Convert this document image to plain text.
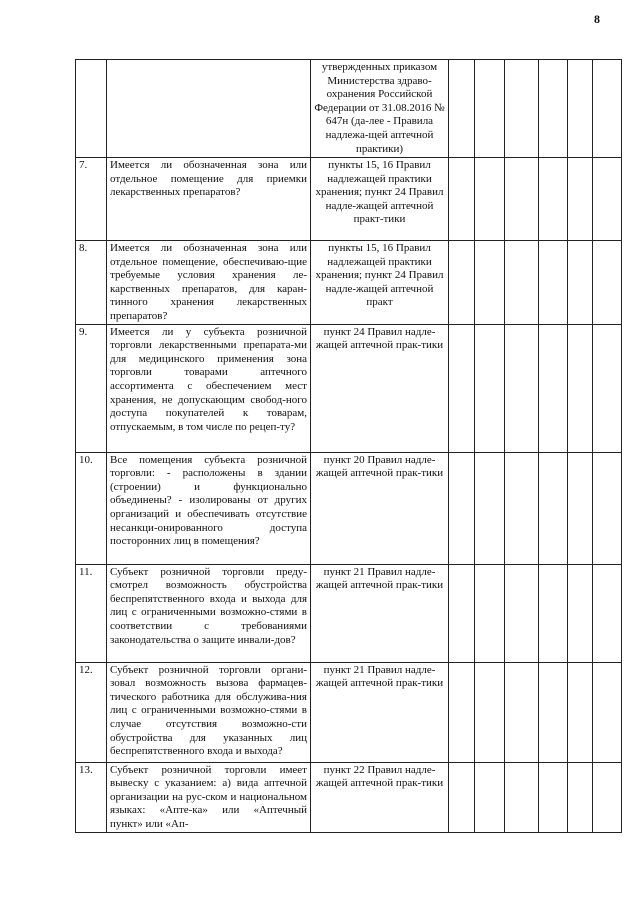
8
		утвержденных приказом Министерства здраво-охранения Российской Федерации от 31.08.2016 № 647н (да-лее - Правила надлежа-щей аптечной практики)						
7.	Имеется ли обозначенная зона или отдельное помещение для приемки лекарственных препаратов?	пункты 15, 16 Правил надлежащей практики хранения; пункт 24 Правил надле-жащей аптечной практ-тики						
8.	Имеется ли обозначенная зона или отдельное помещение, обеспечиваю-щие требуемые условия хранения ле-карственных препаратов, для каран-тинного хранения лекарственных препаратов?	пункты 15, 16 Правил надлежащей практики хранения; пункт 24 Правил надле-жащей аптечной практ						
9.	Имеется ли у субъекта розничной торговли лекарственными препарата-ми для медицинского применения зона торговли товарами аптечного ассортимента с обеспечением мест хранения, не допускающим свобод-ного доступа покупателей к товарам, отпускаемым, в том числе по рецеп-ту?	пункт 24 Правил надле-жащей аптечной прак-тики						
10.	Все помещения субъекта розничной торговли: - расположены в здании (строении) и функционально объединены? - изолированы от других организаций и обеспечивать отсутствие несанкци-онированного доступа посторонних лиц в помещения?	пункт 20 Правил надле-жащей аптечной прак-тики						
11.	Субъект розничной торговли преду-смотрел возможность обустройства беспрепятственного входа и выхода для лиц с ограниченными возможно-стями в соответствии с требованиями законодательства о защите инвали-дов?	пункт 21 Правил надле-жащей аптечной прак-тики						
12.	Субъект розничной торговли органи-зовал возможность вызова фармацев-тического работника для обслужива-ния лиц с ограниченными возможно-стями в случае отсутствия возможно-сти обустройства для указанных лиц беспрепятственного входа и выхода?	пункт 21 Правил надле-жащей аптечной прак-тики						
13.	Субъект розничной торговли имеет вывеску с указанием: а) вида аптечной организации на рус-ском и национальном языках: «Апте-ка» или «Аптечный пункт» или «Ап-	пункт 22 Правил надле-жащей аптечной прак-тики						
